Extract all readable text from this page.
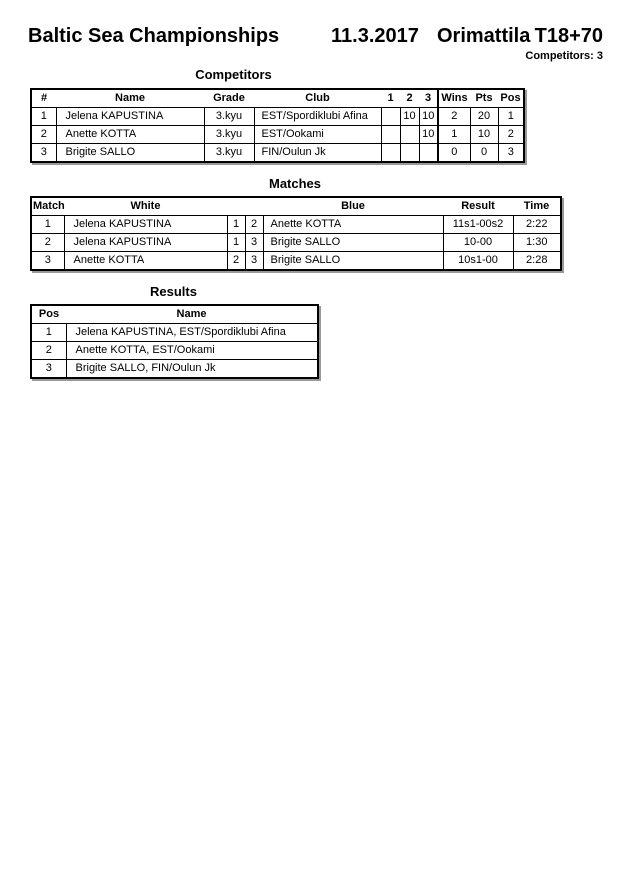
Baltic Sea Championships	11.3.2017 Orimattila T18+70
Competitors: 3
Competitors
#	Name	Grade	Club	1	2	3	Wins	Pts	Pos
1	Jelena KAPUSTINA	3.kyu	EST/Spordiklubi Afina		10	10	2	20	1
2	Anette KOTTA	3.kyu	EST/Ookami			10	1	10	2
3	Brigite SALLO	3.kyu	FIN/Oulun Jk				0	0	3
Matches
Match	White			Blue	Result	Time
1	Jelena KAPUSTINA	1	2	Anette KOTTA	11s1-00s2	2:22
2	Jelena KAPUSTINA	1	3	Brigite SALLO	10-00	1:30
3	Anette KOTTA	2	3	Brigite SALLO	10s1-00	2:28
Results
Pos	Name
1	Jelena KAPUSTINA, EST/Spordiklubi Afina
2	Anette KOTTA, EST/Ookami
3	Brigite SALLO, FIN/Oulun Jk
